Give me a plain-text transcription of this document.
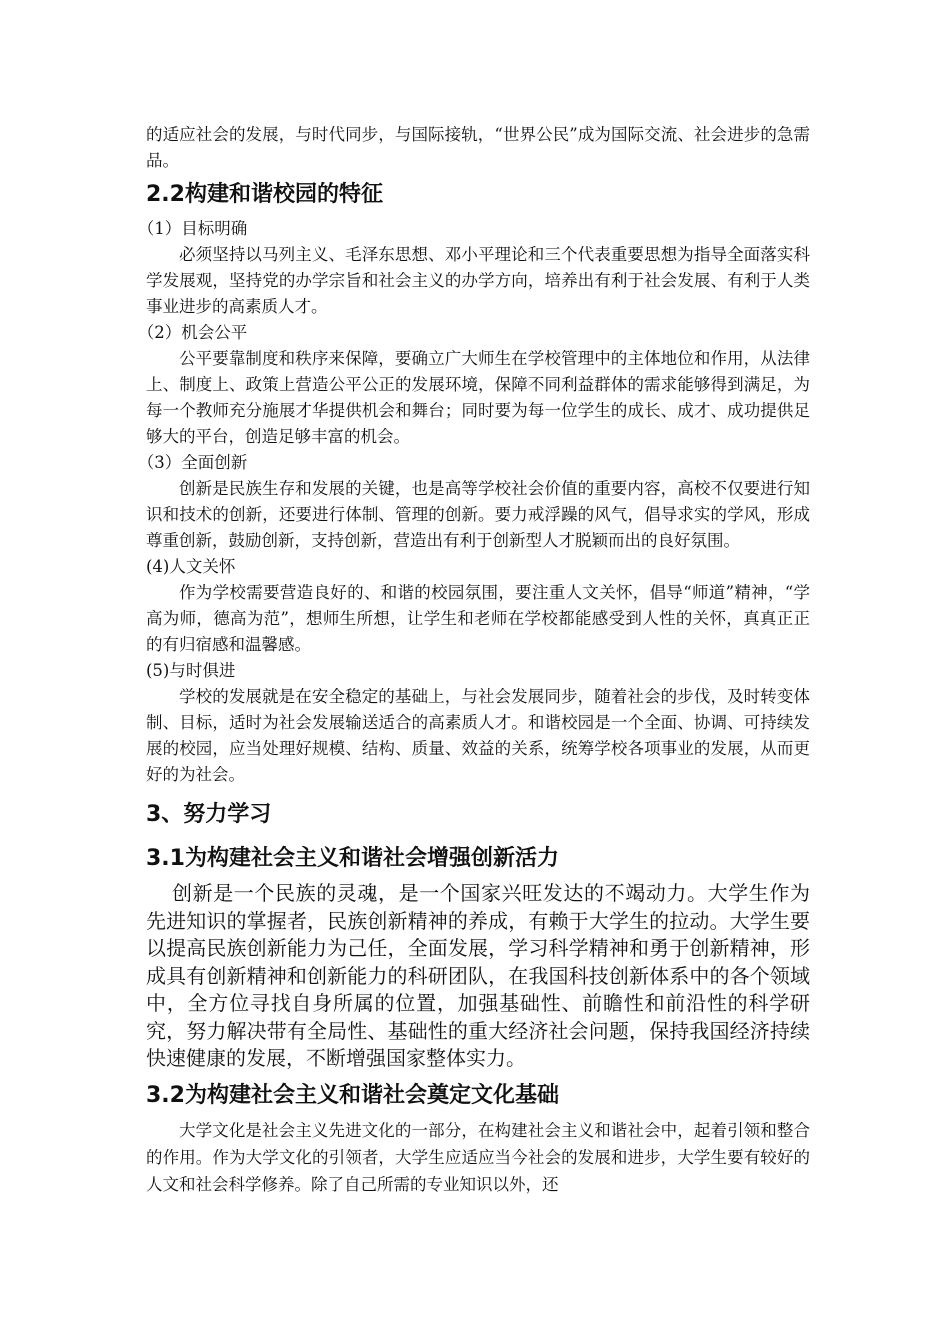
的适应社会的发展，与时代同步，与国际接轨，“世界公民”成为国际交流、社会进步的急需品。

2.2构建和谐校园的特征

（1）目标明确

必须坚持以马列主义、毛泽东思想、邓小平理论和三个代表重要思想为指导全面落实科学发展观，坚持党的办学宗旨和社会主义的办学方向，培养出有利于社会发展、有利于人类事业进步的高素质人才。

（2）机会公平

公平要靠制度和秩序来保障，要确立广大师生在学校管理中的主体地位和作用，从法律上、制度上、政策上营造公平公正的发展环境，保障不同利益群体的需求能够得到满足，为每一个教师充分施展才华提供机会和舞台；同时要为每一位学生的成长、成才、成功提供足够大的平台，创造足够丰富的机会。

（3）全面创新

创新是民族生存和发展的关键，也是高等学校社会价值的重要内容，高校不仅要进行知识和技术的创新，还要进行体制、管理的创新。要力戒浮躁的风气，倡导求实的学风，形成尊重创新，鼓励创新，支持创新，营造出有利于创新型人才脱颖而出的良好氛围。

(4)人文关怀

作为学校需要营造良好的、和谐的校园氛围，要注重人文关怀，倡导“师道”精神，“学高为师，德高为范”，想师生所想，让学生和老师在学校都能感受到人性的关怀，真真正正的有归宿感和温馨感。

(5)与时俱进

学校的发展就是在安全稳定的基础上，与社会发展同步，随着社会的步伐，及时转变体制、目标，适时为社会发展输送适合的高素质人才。和谐校园是一个全面、协调、可持续发展的校园，应当处理好规模、结构、质量、效益的关系，统筹学校各项事业的发展，从而更好的为社会。

3、努力学习
3.1为构建社会主义和谐社会增强创新活力

创新是一个民族的灵魂，是一个国家兴旺发达的不竭动力。大学生作为先进知识的掌握者，民族创新精神的养成，有赖于大学生的拉动。大学生要以提高民族创新能力为己任，全面发展，学习科学精神和勇于创新精神，形成具有创新精神和创新能力的科研团队，在我国科技创新体系中的各个领域中，全方位寻找自身所属的位置，加强基础性、前瞻性和前沿性的科学研究，努力解决带有全局性、基础性的重大经济社会问题，保持我国经济持续快速健康的发展，不断增强国家整体实力。

3.2为构建社会主义和谐社会奠定文化基础

大学文化是社会主义先进文化的一部分，在构建社会主义和谐社会中，起着引领和整合的作用。作为大学文化的引领者，大学生应适应当今社会的发展和进步，大学生要有较好的人文和社会科学修养。除了自己所需的专业知识以外，还
